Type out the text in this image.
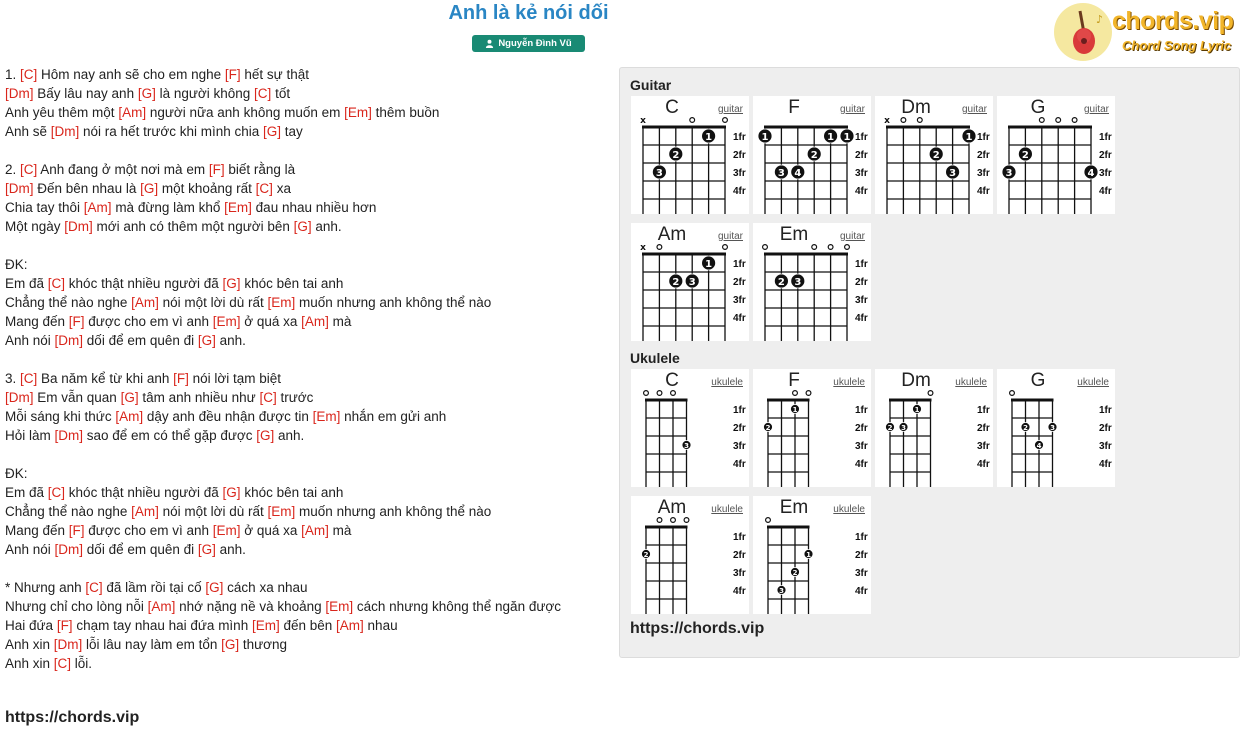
Anh là kẻ nói dối
Nguyễn Đình Vũ
♪ chords.vip
Chord Song Lyric
1. [C] Hôm nay anh sẽ cho em nghe [F] hết sự thật
[Dm] Bấy lâu nay anh [G] là người không [C] tốt
Anh yêu thêm một [Am] người nữa anh không muốn em [Em] thêm buồn
Anh sẽ [Dm] nói ra hết trước khi mình chia [G] tay
2. [C] Anh đang ở một nơi mà em [F] biết rằng là
[Dm] Đến bên nhau là [G] một khoảng rất [C] xa
Chia tay thôi [Am] mà đừng làm khổ [Em] đau nhau nhiều hơn
Một ngày [Dm] mới anh có thêm một người bên [G] anh.
ĐK:
Em đã [C] khóc thật nhiều người đã [G] khóc bên tai anh
Chẳng thể nào nghe [Am] nói một lời dù rất [Em] muốn nhưng anh không thể nào
Mang đến [F] được cho em vì anh [Em] ở quá xa [Am] mà
Anh nói [Dm] dối để em quên đi [G] anh.
3. [C] Ba năm kể từ khi anh [F] nói lời tạm biệt
[Dm] Em vẫn quan [G] tâm anh nhiều như [C] trước
Mỗi sáng khi thức [Am] dậy anh đều nhận được tin [Em] nhắn em gửi anh
Hỏi làm [Dm] sao để em có thể gặp được [G] anh.
ĐK:
Em đã [C] khóc thật nhiều người đã [G] khóc bên tai anh
Chẳng thể nào nghe [Am] nói một lời dù rất [Em] muốn nhưng anh không thể nào
Mang đến [F] được cho em vì anh [Em] ở quá xa [Am] mà
Anh nói [Dm] dối để em quên đi [G] anh.
* Nhưng anh [C] đã lầm rồi tại cố [G] cách xa nhau
Nhưng chỉ cho lòng nỗi [Am] nhớ nặng nề và khoảng [Em] cách nhưng không thể ngăn được
Hai đứa [F] chạm tay nhau hai đứa mình [Em] đến bên [Am] nhau
Anh xin [Dm] lỗi lâu nay làm em tổn [G] thương
Anh xin [C] lỗi.
https://chords.vip
Guitar
Ukulele
C	guitar
1fr
2fr
3fr
4fr
x
3
2
1
F	guitar
1fr
2fr
3fr
4fr
1
3 4
2
1 1
Dm	guitar
1fr
2fr
3fr
4fr
x
2
3
1
G	guitar
1fr
2fr
3fr
4fr
3
2
4
Am	guitar
1fr
2fr
3fr
4fr
x
2 3
1
Em	guitar
1fr
2fr
3fr
4fr
2 3
C	ukulele
1fr
2fr
3fr
4fr
3
F	ukulele
1fr
2fr
3fr
4fr
2
1
Dm	ukulele
1fr
2fr
3fr
4fr
2 3
1
G	ukulele
1fr
2fr
3fr
4fr
2
4
3
Am	ukulele
1fr
2fr
3fr
4fr
2
Em	ukulele
1fr
2fr
3fr
4fr
3
2
1
https://chords.vip
